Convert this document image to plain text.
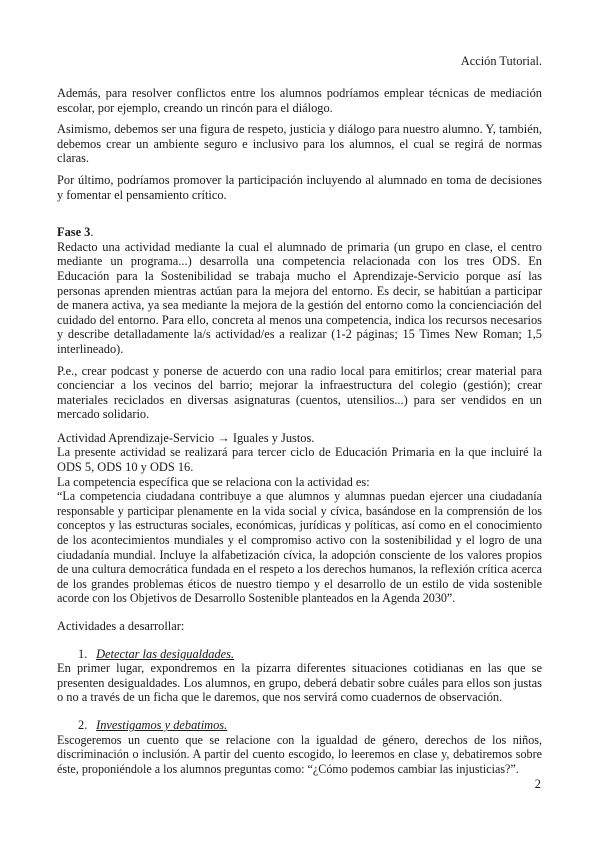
Acción Tutorial.

Además, para resolver conflictos entre los alumnos podríamos emplear técnicas de mediación escolar, por ejemplo, creando un rincón para el diálogo.

Asimismo, debemos ser una figura de respeto, justicia y diálogo para nuestro alumno. Y, también, debemos crear un ambiente seguro e inclusivo para los alumnos, el cual se regirá de normas claras.

Por último, podríamos promover la participación incluyendo al alumnado en toma de decisiones y fomentar el pensamiento crítico.

Fase 3.

Redacto una actividad mediante la cual el alumnado de primaria (un grupo en clase, el centro mediante un programa...) desarrolla una competencia relacionada con los tres ODS. En Educación para la Sostenibilidad se trabaja mucho el Aprendizaje-Servicio porque así las personas aprenden mientras actúan para la mejora del entorno. Es decir, se habitúan a participar de manera activa, ya sea mediante la mejora de la gestión del entorno como la concienciación del cuidado del entorno. Para ello, concreta al menos una competencia, indica los recursos necesarios y describe detalladamente la/s actividad/es a realizar (1-2 páginas; 15 Times New Roman; 1,5 interlineado).

P.e., crear podcast y ponerse de acuerdo con una radio local para emitirlos; crear material para concienciar a los vecinos del barrio; mejorar la infraestructura del colegio (gestión); crear materiales reciclados en diversas asignaturas (cuentos, utensilios...) para ser vendidos en un mercado solidario.

Actividad Aprendizaje-Servicio → Iguales y Justos.

La presente actividad se realizará para tercer ciclo de Educación Primaria en la que incluiré la ODS 5, ODS 10 y ODS 16.

La competencia específica que se relaciona con la actividad es:

“La competencia ciudadana contribuye a que alumnos y alumnas puedan ejercer una ciudadanía responsable y participar plenamente en la vida social y cívica, basándose en la comprensión de los conceptos y las estructuras sociales, económicas, jurídicas y políticas, así como en el conocimiento de los acontecimientos mundiales y el compromiso activo con la sostenibilidad y el logro de una ciudadanía mundial. Incluye la alfabetización cívica, la adopción consciente de los valores propios de una cultura democrática fundada en el respeto a los derechos humanos, la reflexión crítica acerca de los grandes problemas éticos de nuestro tiempo y el desarrollo de un estilo de vida sostenible acorde con los Objetivos de Desarrollo Sostenible planteados en la Agenda 2030”.

Actividades a desarrollar:

1. Detectar las desigualdades.

En primer lugar, expondremos en la pizarra diferentes situaciones cotidianas en las que se presenten desigualdades. Los alumnos, en grupo, deberá debatir sobre cuáles para ellos son justas o no a través de un ficha que le daremos, que nos servirá como cuadernos de observación.

2. Investigamos y debatimos.

Escogeremos un cuento que se relacione con la igualdad de género, derechos de los niños, discriminación o inclusión. A partir del cuento escogido, lo leeremos en clase y, debatiremos sobre éste, proponiéndole a los alumnos preguntas como: “¿Cómo podemos cambiar las injusticias?”.

2
